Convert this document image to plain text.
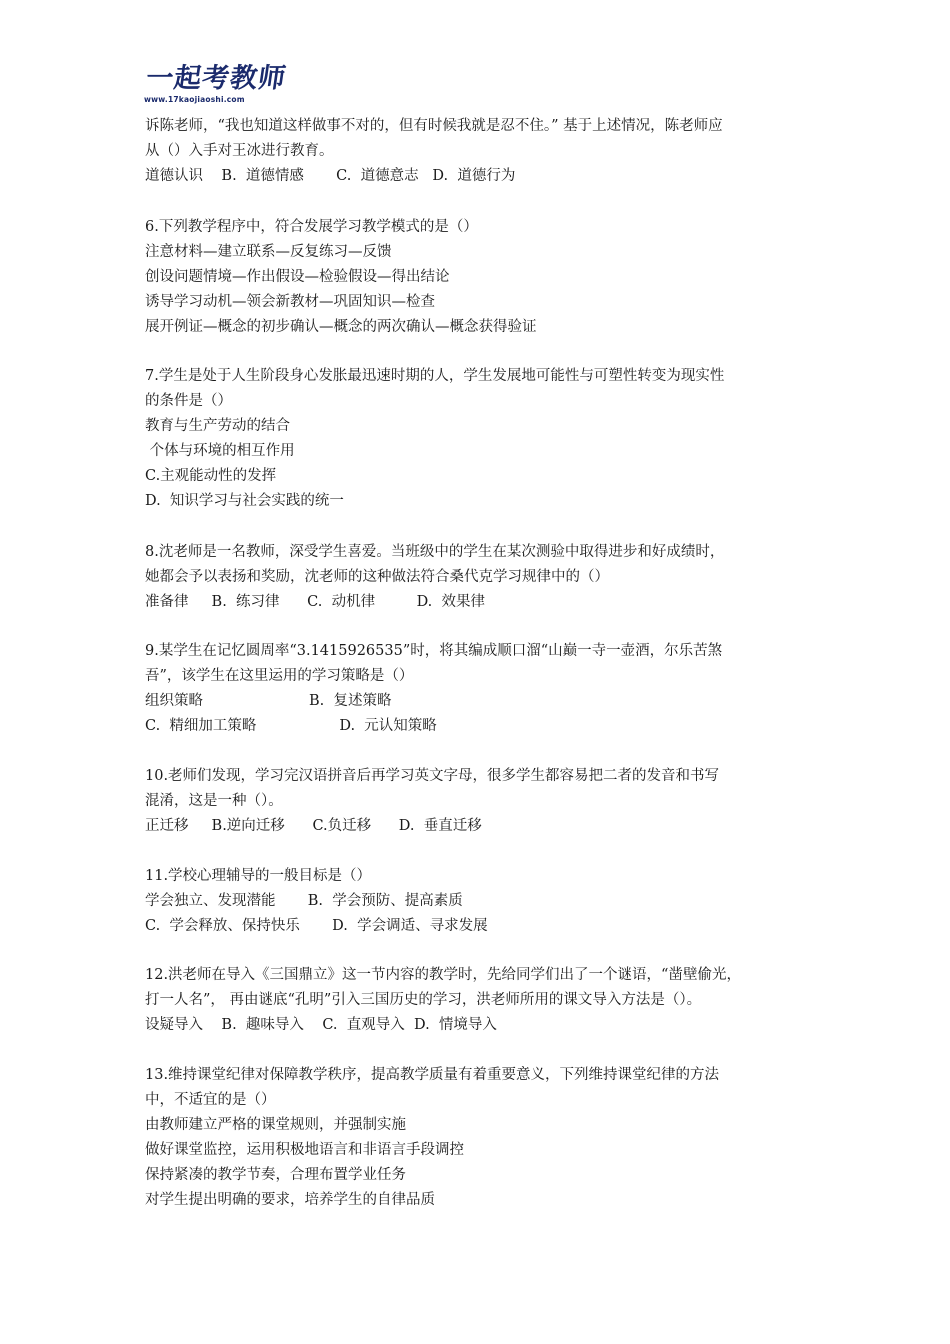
一起考教师
www.17kaojiaoshi.com
诉陈老师，“我也知道这样做事不对的，但有时候我就是忍不住。” 基于上述情况，陈老师应
从（）入手对王冰进行教育。
道德认识    B.  道德情感       C.  道德意志   D.  道德行为
6.下列教学程序中，符合发展学习教学模式的是（）
注意材料—建立联系—反复练习—反馈
创设问题情境—作出假设—检验假设—得出结论
诱导学习动机—领会新教材—巩固知识—检查
展开例证—概念的初步确认—概念的两次确认—概念获得验证
7.学生是处于人生阶段身心发胀最迅速时期的人，学生发展地可能性与可塑性转变为现实性
的条件是（）
教育与生产劳动的结合
个体与环境的相互作用
C.主观能动性的发挥
D.  知识学习与社会实践的统一
8.沈老师是一名教师，深受学生喜爱。当班级中的学生在某次测验中取得进步和好成绩时，
她都会予以表扬和奖励，沈老师的这种做法符合桑代克学习规律中的（）
准备律     B.  练习律      C.  动机律         D.  效果律
9.某学生在记忆圆周率“3.1415926535”时，将其编成顺口溜“山巅一寺一壶酒，尔乐苦煞
吾”，该学生在这里运用的学习策略是（）
组织策略                       B.  复述策略
C.  精细加工策略                  D.  元认知策略
10.老师们发现，学习完汉语拼音后再学习英文字母，很多学生都容易把二者的发音和书写
混淆，这是一种（）。
正迁移     B.逆向迁移      C.负迁移      D.  垂直迁移
11.学校心理辅导的一般目标是（）
学会独立、发现潜能       B.  学会预防、提高素质
C.  学会释放、保持快乐       D.  学会调适、寻求发展
12.洪老师在导入《三国鼎立》这一节内容的教学时，先给同学们出了一个谜语，“凿壁偷光，
打一人名”， 再由谜底“孔明”引入三国历史的学习，洪老师所用的课文导入方法是（）。
设疑导入    B.  趣味导入    C.  直观导入  D.  情境导入
13.维持课堂纪律对保障教学秩序，提高教学质量有着重要意义，下列维持课堂纪律的方法
中，不适宜的是（）
由教师建立严格的课堂规则，并强制实施
做好课堂监控，运用积极地语言和非语言手段调控
保持紧凑的教学节奏，合理布置学业任务
对学生提出明确的要求，培养学生的自律品质
